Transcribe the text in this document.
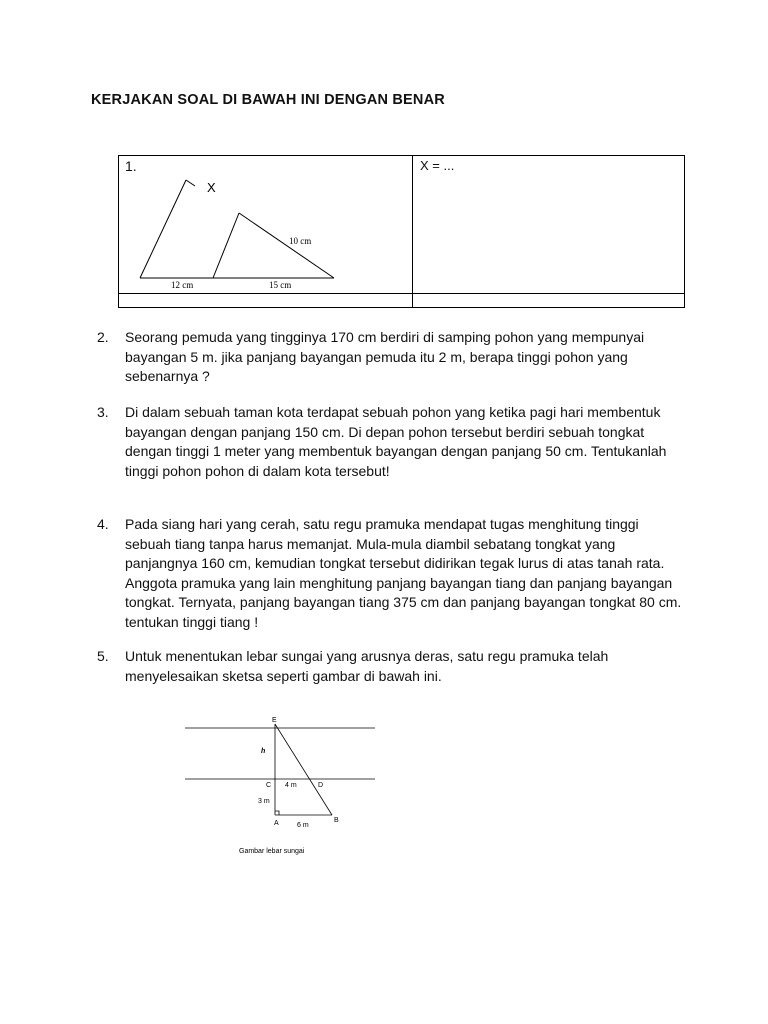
KERJAKAN SOAL DI BAWAH INI DENGAN BENAR
1.	X = ...
X
10 cm
12 cm	15 cm
2. Seorang pemuda yang tingginya 170 cm berdiri di samping pohon yang mempunyai
bayangan 5 m. jika panjang bayangan pemuda itu 2 m, berapa tinggi pohon yang
sebenarnya ?
3. Di dalam sebuah taman kota terdapat sebuah pohon yang ketika pagi hari membentuk
bayangan dengan panjang 150 cm. Di depan pohon tersebut berdiri sebuah tongkat
dengan tinggi 1 meter yang membentuk bayangan dengan panjang 50 cm. Tentukanlah
tinggi pohon pohon di dalam kota tersebut!
4. Pada siang hari yang cerah, satu regu pramuka mendapat tugas menghitung tinggi
sebuah tiang tanpa harus memanjat. Mula-mula diambil sebatang tongkat yang
panjangnya 160 cm, kemudian tongkat tersebut didirikan tegak lurus di atas tanah rata.
Anggota pramuka yang lain menghitung panjang bayangan tiang dan panjang bayangan
tongkat. Ternyata, panjang bayangan tiang 375 cm dan panjang bayangan tongkat 80 cm.
tentukan tinggi tiang !
5. Untuk menentukan lebar sungai yang arusnya deras, satu regu pramuka telah
menyelesaikan sketsa seperti gambar di bawah ini.
E
h
C 4 m	D
3 m
A	6 m
B
Gambar lebar sungai
